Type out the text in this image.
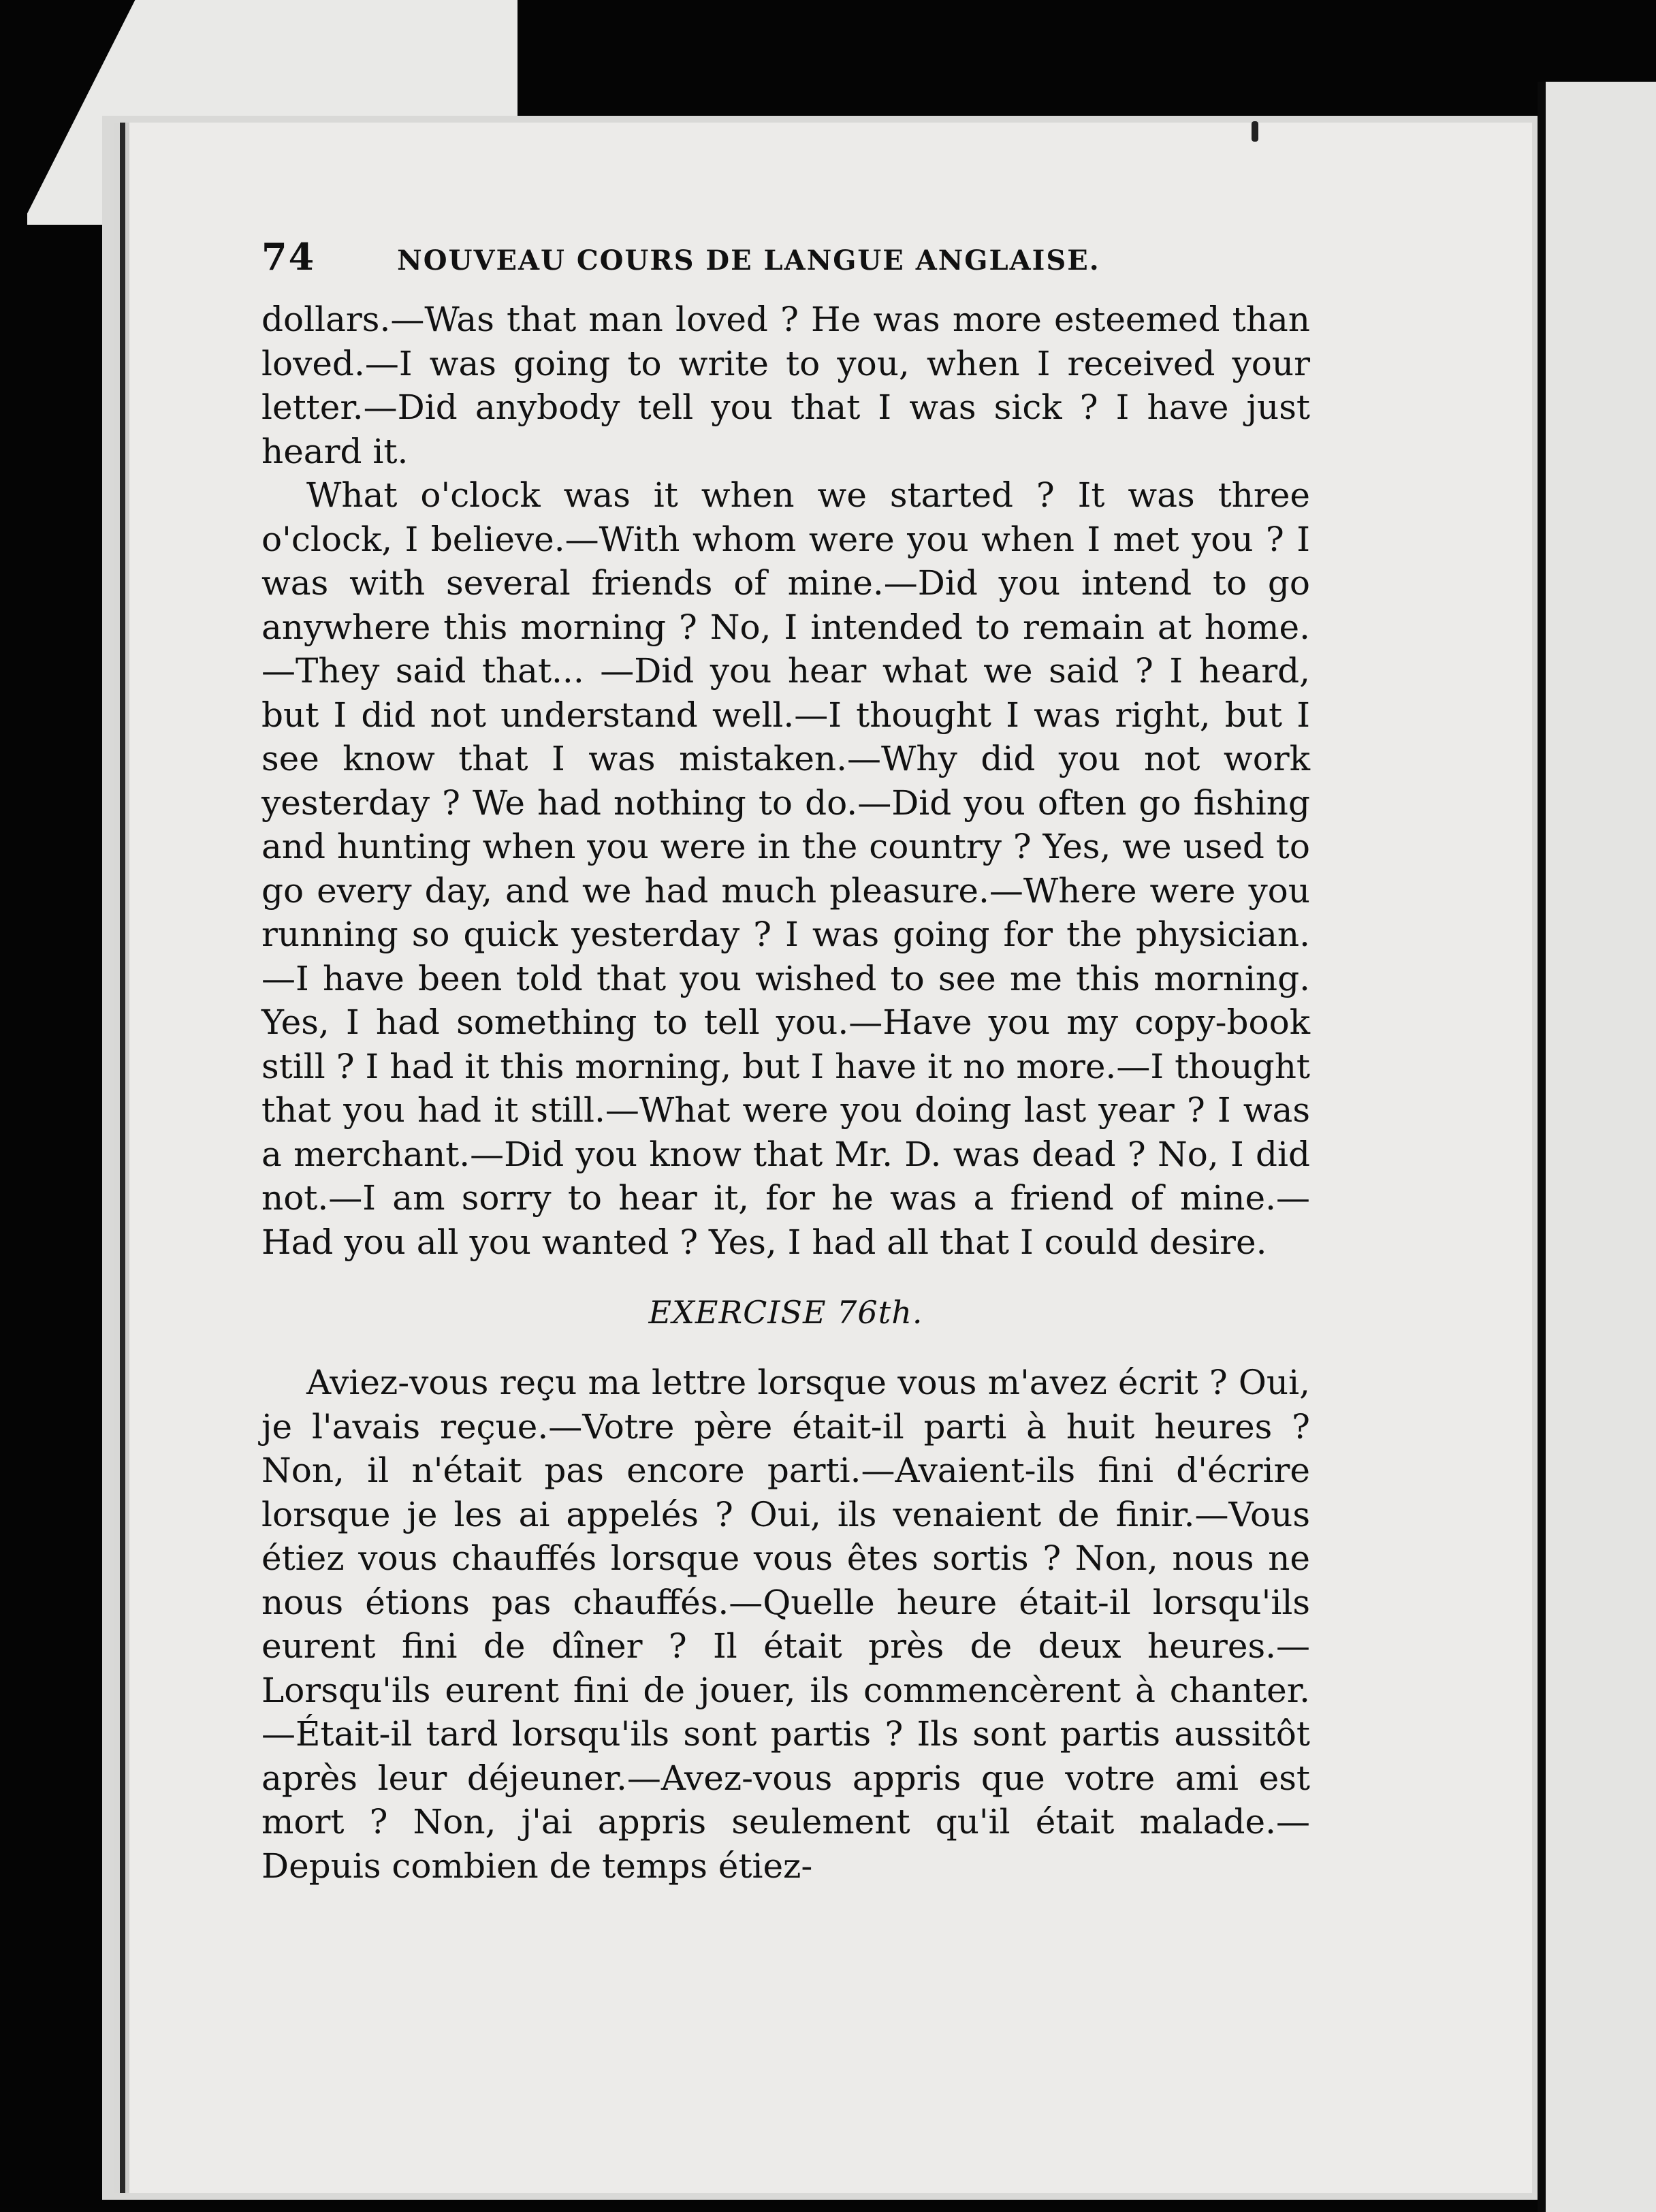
74	NOUVEAU COURS DE LANGUE ANGLAISE.

dollars.—Was that man loved ? He was more esteemed than loved.—I was going to write to you, when I received your letter.—Did anybody tell you that I was sick ? I have just heard it.

What o'clock was it when we started ? It was three o'clock, I believe.—With whom were you when I met you ? I was with several friends of mine.—Did you intend to go anywhere this morning ? No, I intended to remain at home.—They said that... —Did you hear what we said ? I heard, but I did not understand well.—I thought I was right, but I see know that I was mistaken.—Why did you not work yesterday ? We had nothing to do.—Did you often go fishing and hunting when you were in the country ? Yes, we used to go every day, and we had much pleasure.—Where were you running so quick yesterday ? I was going for the physician.—I have been told that you wished to see me this morning. Yes, I had something to tell you.—Have you my copy-book still ? I had it this morning, but I have it no more.—I thought that you had it still.—What were you doing last year ? I was a merchant.—Did you know that Mr. D. was dead ? No, I did not.—I am sorry to hear it, for he was a friend of mine.—Had you all you wanted ? Yes, I had all that I could desire.

EXERCISE 76th.

Aviez-vous reçu ma lettre lorsque vous m'avez écrit ? Oui, je l'avais reçue.—Votre père était-il parti à huit heures ? Non, il n'était pas encore parti.—Avaient-ils fini d'écrire lorsque je les ai appelés ? Oui, ils venaient de finir.—Vous étiez vous chauffés lorsque vous êtes sortis ? Non, nous ne nous étions pas chauffés.—Quelle heure était-il lorsqu'ils eurent fini de dîner ? Il était près de deux heures.—Lorsqu'ils eurent fini de jouer, ils commencèrent à chanter.—Était-il tard lorsqu'ils sont partis ? Ils sont partis aussitôt après leur déjeuner.—Avez-vous appris que votre ami est mort ? Non, j'ai appris seulement qu'il était malade.—Depuis combien de temps étiez-
